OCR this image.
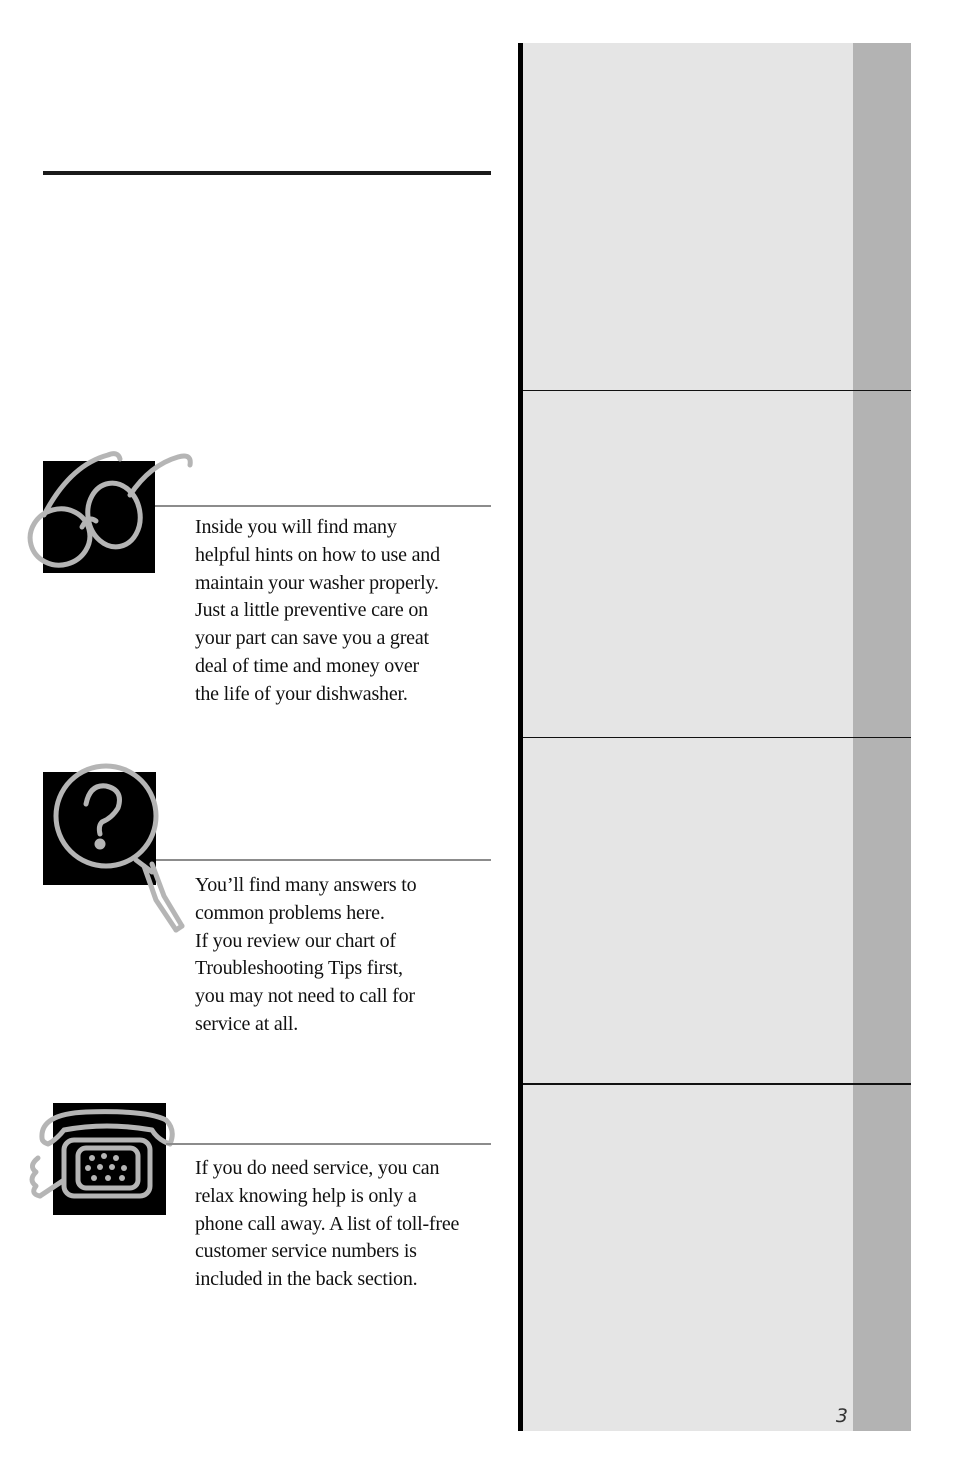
Inside you will find many
helpful hints on how to use and
maintain your washer properly.
Just a little preventive care on
your part can save you a great
deal of time and money over
the life of your dishwasher.

You’ll find many answers to
common problems here.
If you review our chart of
Troubleshooting Tips first,
you may not need to call for
service at all.

If you do need service, you can
relax knowing help is only a
phone call away. A list of toll-free
customer service numbers is
included in the back section.

3
